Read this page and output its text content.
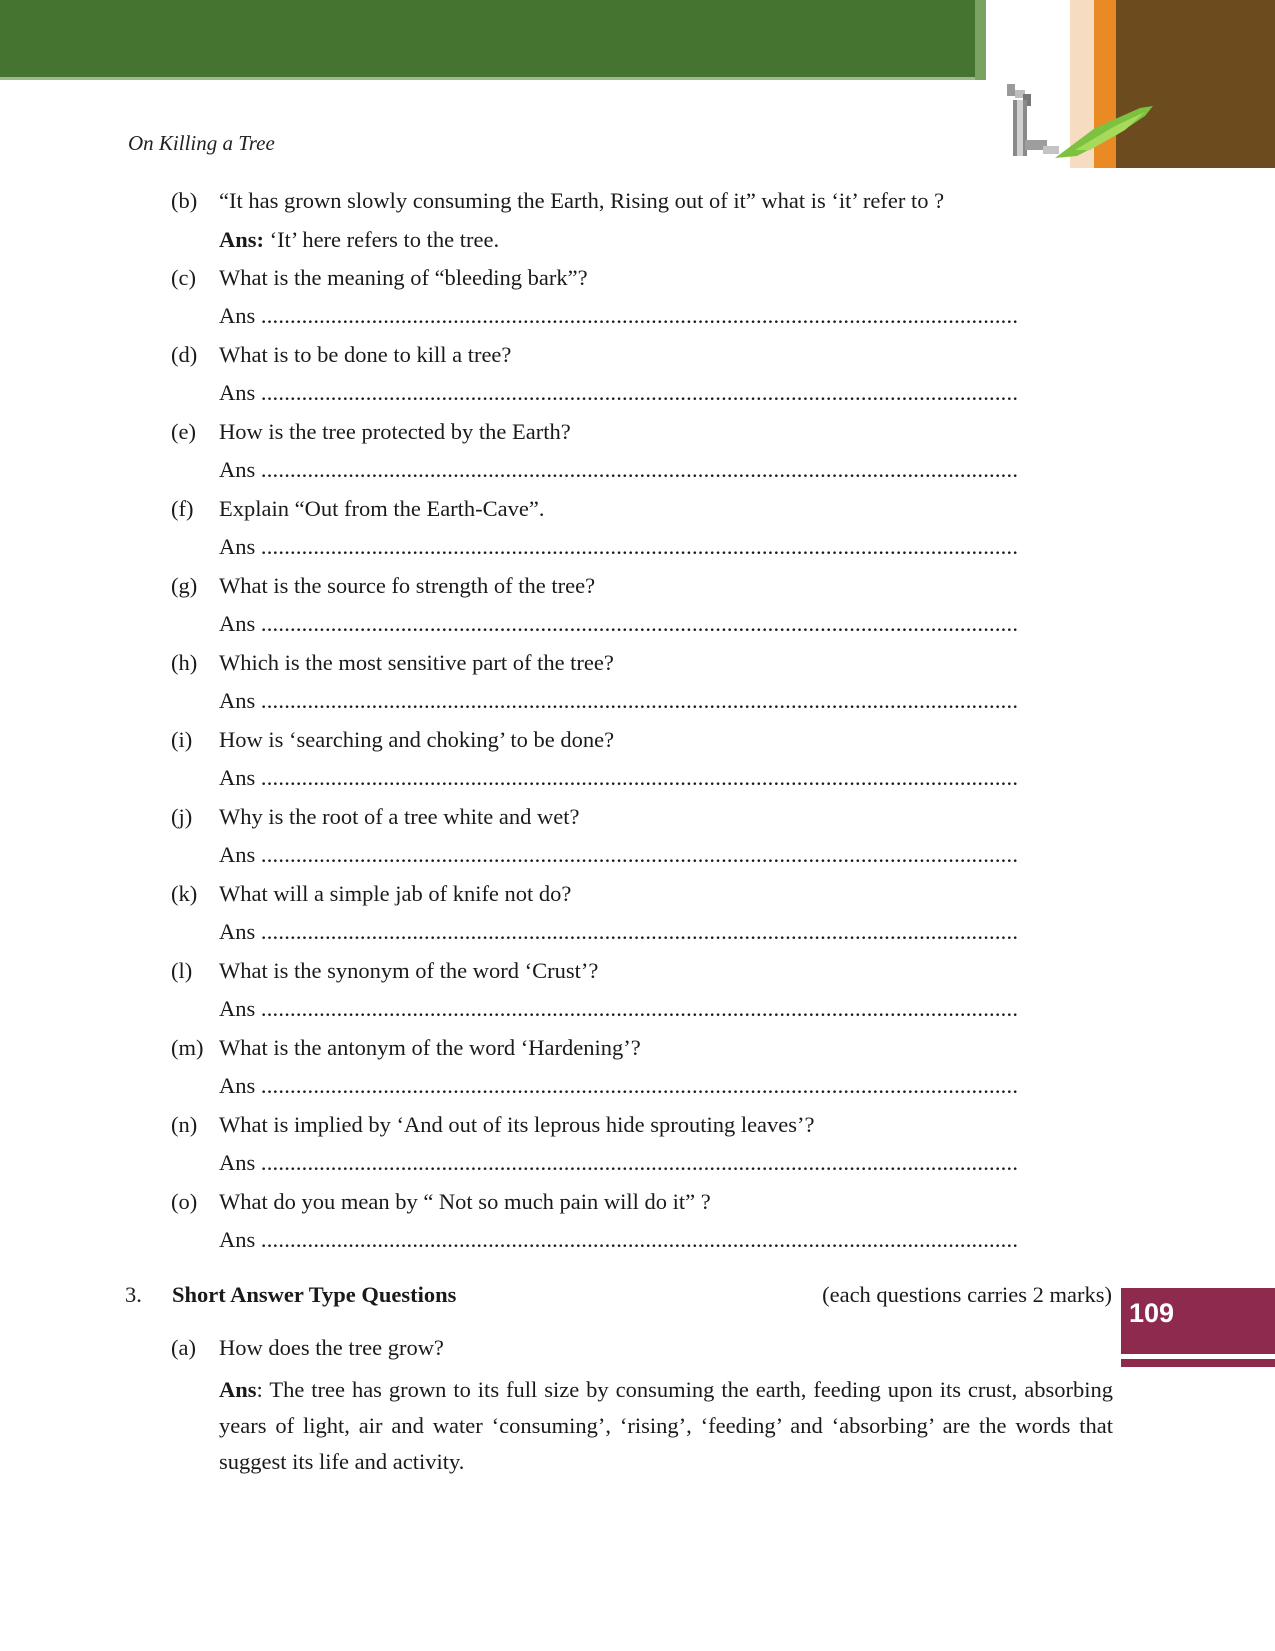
On Killing a Tree
(b) “It has grown slowly consuming the Earth, Rising out of it” what is ‘it’ refer to ?
Ans: ‘It’ here refers to the tree.
(c) What is the meaning of “bleeding bark”?
Ans ..................................................................................................................................
(d) What is to be done to kill a tree?
Ans ..................................................................................................................................
(e) How is the tree protected by the Earth?
Ans ..................................................................................................................................
(f) Explain “Out from the Earth-Cave”.
Ans ..................................................................................................................................
(g) What is the source fo strength of the tree?
Ans ..................................................................................................................................
(h) Which is the most sensitive part of the tree?
Ans ..................................................................................................................................
(i) How is ‘searching and choking’ to be done?
Ans ..................................................................................................................................
(j) Why is the root of a tree white and wet?
Ans ..................................................................................................................................
(k) What will a simple jab of knife not do?
Ans ..................................................................................................................................
(l) What is the synonym of the word ‘Crust’?
Ans ..................................................................................................................................
(m) What is the antonym of the word ‘Hardening’?
Ans ..................................................................................................................................
(n) What is implied by ‘And out of its leprous hide sprouting leaves’?
Ans ..................................................................................................................................
(o) What do you mean by “ Not so much pain will do it” ?
Ans ..................................................................................................................................
3. Short Answer Type Questions	(each questions carries 2 marks)
109
(a) How does the tree grow?
Ans: The tree has grown to its full size by consuming the earth, feeding upon its crust, absorbing years of light, air and water ‘consuming’, ‘rising’, ‘feeding’ and ‘absorbing’ are the words that suggest its life and activity.
